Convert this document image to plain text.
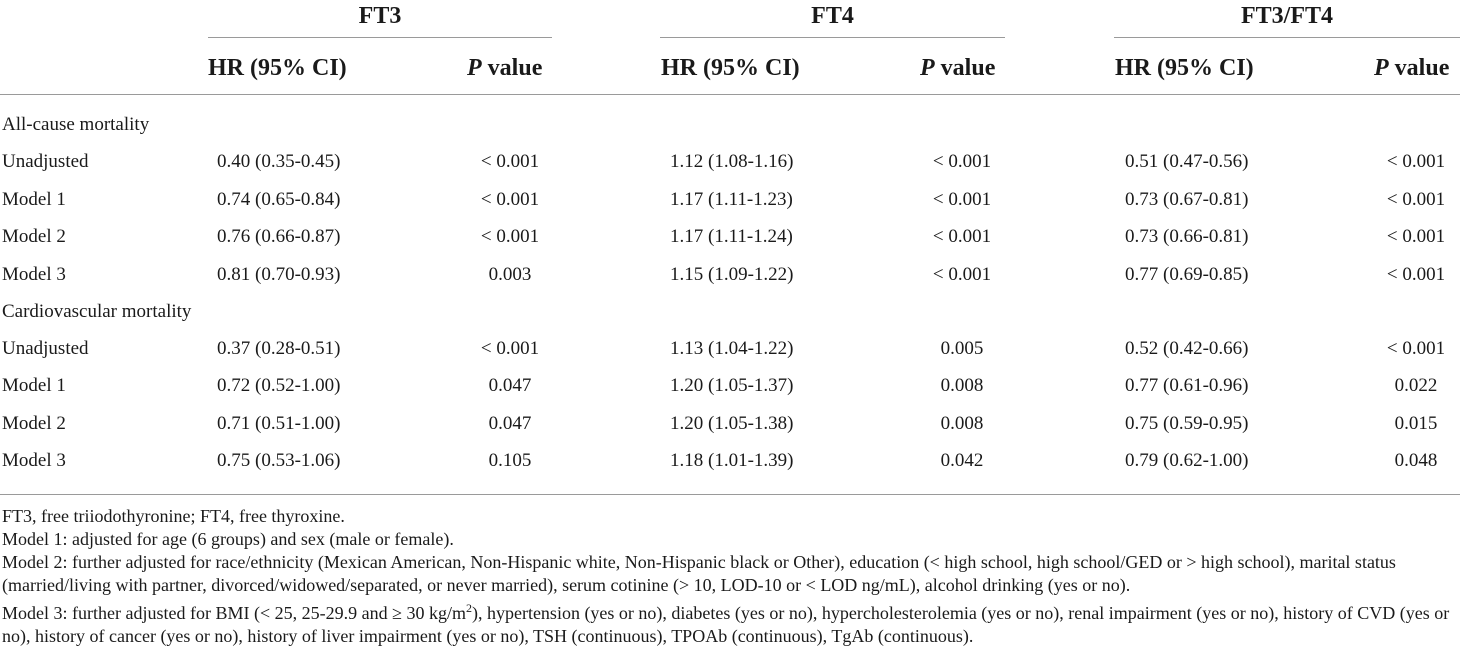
FT3	FT4	FT3/FT4
HR (95% CI)	P value	HR (95% CI)	P value	HR (95% CI)	P value
All-cause mortality
Unadjusted	0.40 (0.35-0.45)	< 0.001	1.12 (1.08-1.16)	< 0.001	0.51 (0.47-0.56)	< 0.001
Model 1	0.74 (0.65-0.84)	< 0.001	1.17 (1.11-1.23)	< 0.001	0.73 (0.67-0.81)	< 0.001
Model 2	0.76 (0.66-0.87)	< 0.001	1.17 (1.11-1.24)	< 0.001	0.73 (0.66-0.81)	< 0.001
Model 3	0.81 (0.70-0.93)	0.003	1.15 (1.09-1.22)	< 0.001	0.77 (0.69-0.85)	< 0.001
Cardiovascular mortality
Unadjusted	0.37 (0.28-0.51)	< 0.001	1.13 (1.04-1.22)	0.005	0.52 (0.42-0.66)	< 0.001
Model 1	0.72 (0.52-1.00)	0.047	1.20 (1.05-1.37)	0.008	0.77 (0.61-0.96)	0.022
Model 2	0.71 (0.51-1.00)	0.047	1.20 (1.05-1.38)	0.008	0.75 (0.59-0.95)	0.015
Model 3	0.75 (0.53-1.06)	0.105	1.18 (1.01-1.39)	0.042	0.79 (0.62-1.00)	0.048
FT3, free triiodothyronine; FT4, free thyroxine.
Model 1: adjusted for age (6 groups) and sex (male or female).
Model 2: further adjusted for race/ethnicity (Mexican American, Non-Hispanic white, Non-Hispanic black or Other), education (< high school, high school/GED or > high school), marital status (married/living with partner, divorced/widowed/separated, or never married), serum cotinine (> 10, LOD-10 or < LOD ng/mL), alcohol drinking (yes or no).
Model 3: further adjusted for BMI (< 25, 25-29.9 and ≥ 30 $kg/m^2$), hypertension (yes or no), diabetes (yes or no), hypercholesterolemia (yes or no), renal impairment (yes or no), history of CVD (yes or no), history of cancer (yes or no), history of liver impairment (yes or no), TSH (continuous), TPOAb (continuous), TgAb (continuous).
